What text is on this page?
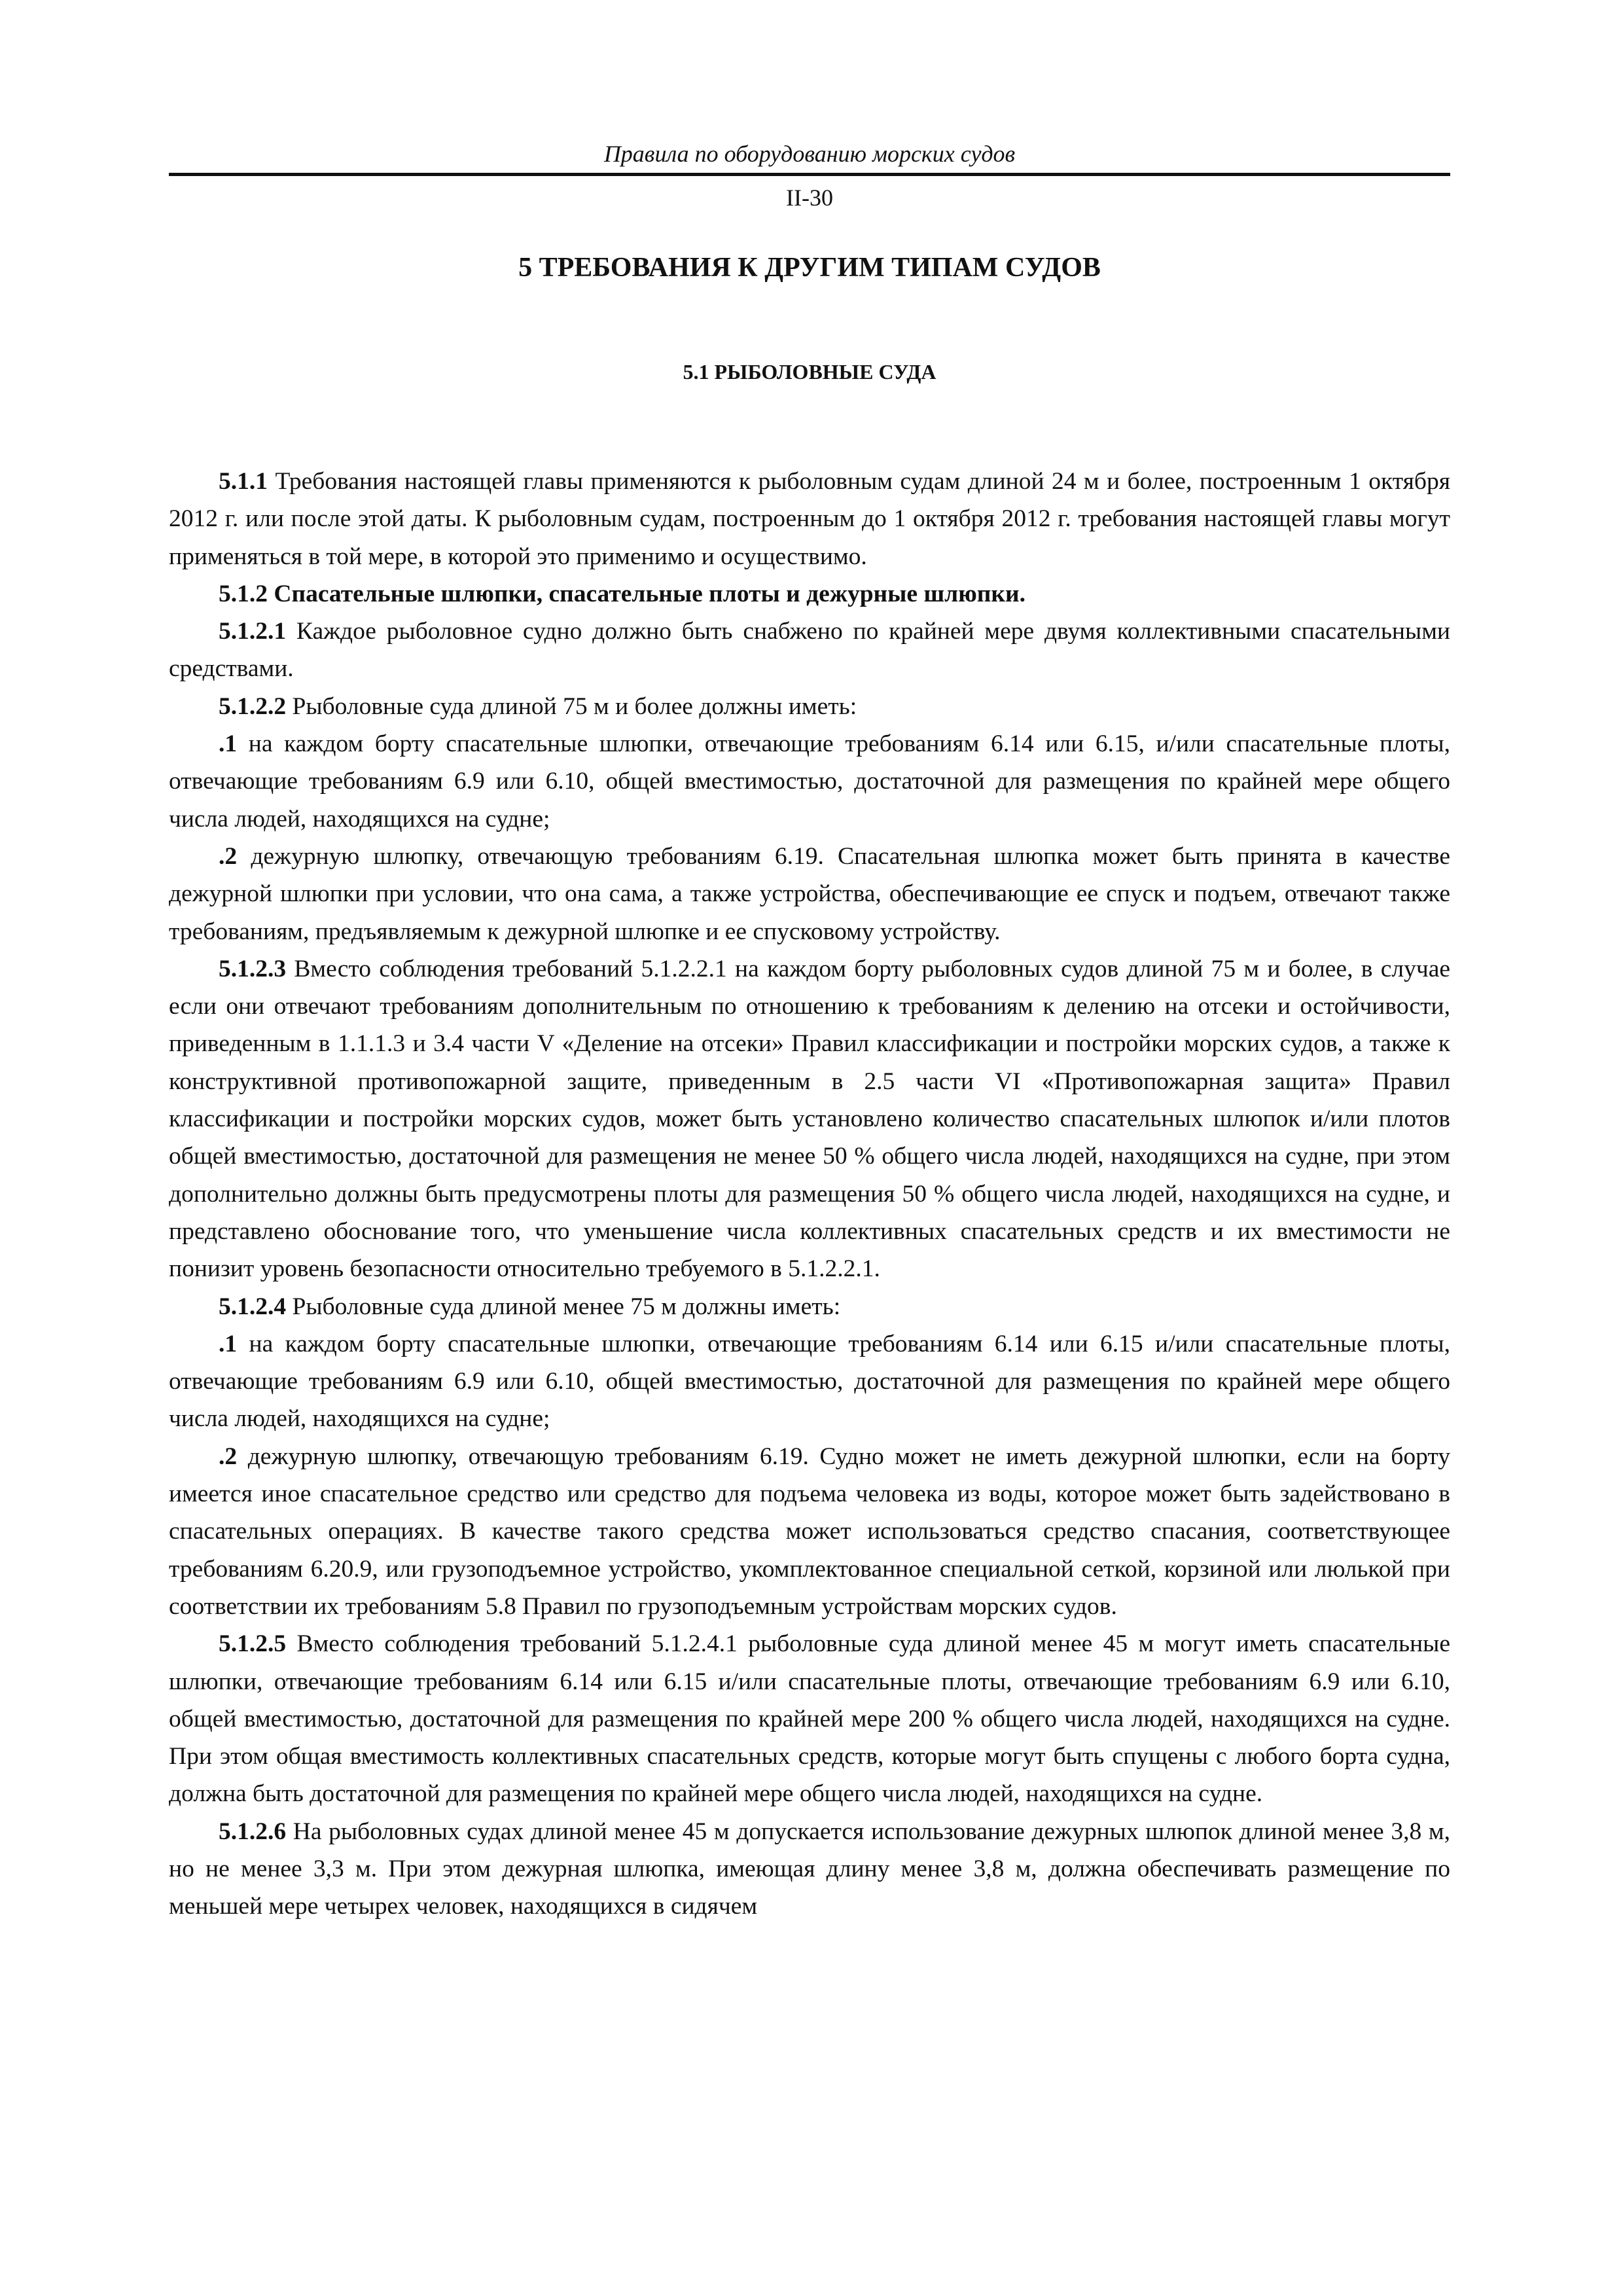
Правила по оборудованию морских судов
II-30
5 ТРЕБОВАНИЯ К ДРУГИМ ТИПАМ СУДОВ
5.1 РЫБОЛОВНЫЕ СУДА

5.1.1 Требования настоящей главы применяются к рыболовным судам длиной 24 м и более, построенным 1 октября 2012 г. или после этой даты. К рыболовным судам, построенным до 1 октября 2012 г. требования настоящей главы могут применяться в той мере, в которой это применимо и осуществимо.

5.1.2 Спасательные шлюпки, спасательные плоты и дежурные шлюпки.

5.1.2.1 Каждое рыболовное судно должно быть снабжено по крайней мере двумя коллективными спасательными средствами.

5.1.2.2 Рыболовные суда длиной 75 м и более должны иметь:

.1 на каждом борту спасательные шлюпки, отвечающие требованиям 6.14 или 6.15, и/или спасательные плоты, отвечающие требованиям 6.9 или 6.10, общей вместимостью, достаточной для размещения по крайней мере общего числа людей, находящихся на судне;

.2 дежурную шлюпку, отвечающую требованиям 6.19. Спасательная шлюпка может быть принята в качестве дежурной шлюпки при условии, что она сама, а также устройства, обеспечивающие ее спуск и подъем, отвечают также требованиям, предъявляемым к дежурной шлюпке и ее спусковому устройству.

5.1.2.3 Вместо соблюдения требований 5.1.2.2.1 на каждом борту рыболовных судов длиной 75 м и более, в случае если они отвечают требованиям дополнительным по отношению к требованиям к делению на отсеки и остойчивости, приведенным в 1.1.1.3 и 3.4 части V «Деление на отсеки» Правил классификации и постройки морских судов, а также к конструктивной противопожарной защите, приведенным в 2.5 части VI «Противопожарная защита» Правил классификации и постройки морских судов, может быть установлено количество спасательных шлюпок и/или плотов общей вместимостью, достаточной для размещения не менее 50 % общего числа людей, находящихся на судне, при этом дополнительно должны быть предусмотрены плоты для размещения 50 % общего числа людей, находящихся на судне, и представлено обоснование того, что уменьшение числа коллективных спасательных средств и их вместимости не понизит уровень безопасности относительно требуемого в 5.1.2.2.1.

5.1.2.4 Рыболовные суда длиной менее 75 м должны иметь:

.1 на каждом борту спасательные шлюпки, отвечающие требованиям 6.14 или 6.15 и/или спасательные плоты, отвечающие требованиям 6.9 или 6.10, общей вместимостью, достаточной для размещения по крайней мере общего числа людей, находящихся на судне;

.2 дежурную шлюпку, отвечающую требованиям 6.19. Судно может не иметь дежурной шлюпки, если на борту имеется иное спасательное средство или средство для подъема человека из воды, которое может быть задействовано в спасательных операциях. В качестве такого средства может использоваться средство спасания, соответствующее требованиям 6.20.9, или грузоподъемное устройство, укомплектованное специальной сеткой, корзиной или люлькой при соответствии их требованиям 5.8 Правил по грузоподъемным устройствам морских судов.

5.1.2.5 Вместо соблюдения требований 5.1.2.4.1 рыболовные суда длиной менее 45 м могут иметь спасательные шлюпки, отвечающие требованиям 6.14 или 6.15 и/или спасательные плоты, отвечающие требованиям 6.9 или 6.10, общей вместимостью, достаточной для размещения по крайней мере 200 % общего числа людей, находящихся на судне. При этом общая вместимость коллективных спасательных средств, которые могут быть спущены с любого борта судна, должна быть достаточной для размещения по крайней мере общего числа людей, находящихся на судне.

5.1.2.6 На рыболовных судах длиной менее 45 м допускается использование дежурных шлюпок длиной менее 3,8 м, но не менее 3,3 м. При этом дежурная шлюпка, имеющая длину менее 3,8 м, должна обеспечивать размещение по меньшей мере четырех человек, находящихся в сидячем
